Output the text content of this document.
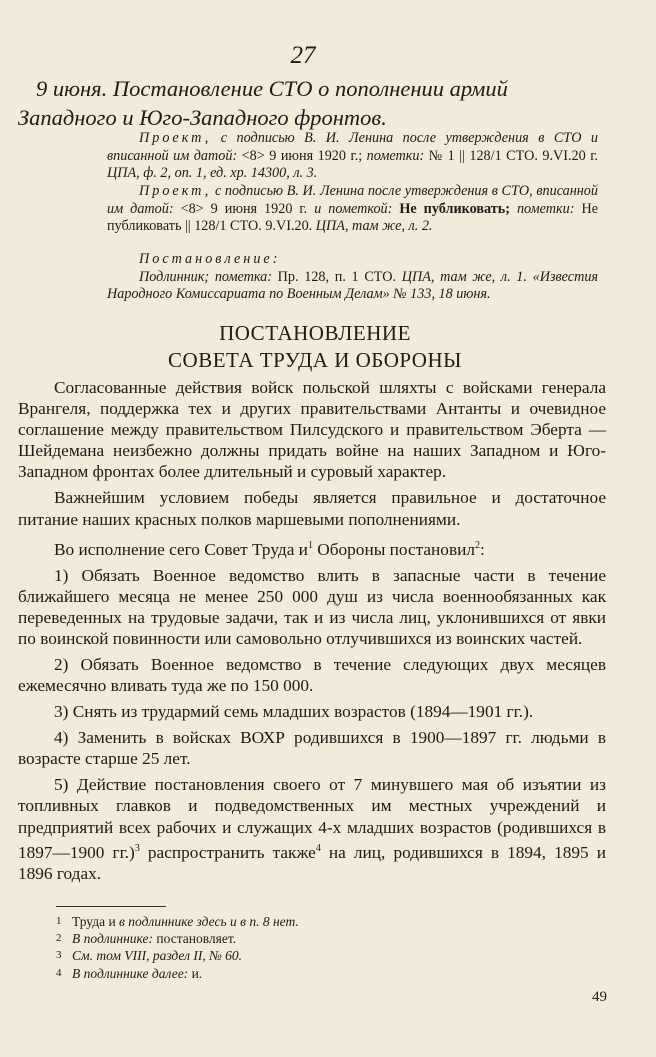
27
9 июня. Постановление СТО о пополнении армий
Западного и Юго-Западного фронтов.

Проект, с подписью В. И. Ленина после утверждения в СТО и вписанной им датой: <8> 9 июня 1920 г.; пометки: № 1 || 128/1 СТО. 9.VI.20 г. ЦПА, ф. 2, оп. 1, ед. хр. 14300, л. 3.

Проект, с подписью В. И. Ленина после утверждения в СТО, вписанной им датой: <8> 9 июня 1920 г. и пометкой: Не публиковать; пометки: Не публиковать || 128/1 СТО. 9.VI.20. ЦПА, там же, л. 2.

Постановление:

Подлинник; пометка: Пр. 128, п. 1 СТО. ЦПА, там же, л. 1. «Известия Народного Комиссариата по Военным Делам» № 133, 18 июня.

ПОСТАНОВЛЕНИЕ
СОВЕТА ТРУДА И ОБОРОНЫ

Согласованные действия войск польской шляхты с войсками генерала Врангеля, поддержка тех и других правительствами Антанты и очевидное соглашение между правительством Пилсудского и правительством Эберта — Шейдемана неизбежно должны придать войне на наших Западном и Юго-Западном фронтах более длительный и суровый характер.

Важнейшим условием победы является правильное и достаточное питание наших красных полков маршевыми пополнениями.

Во исполнение сего Совет Труда $и^1$ Обороны постановил$^2$:

1) Обязать Военное ведомство влить в запасные части в течение ближайшего месяца не менее 250 000 душ из числа военнообязанных как переведенных на трудовые задачи, так и из числа лиц, уклонившихся от явки по воинской повинности или самовольно отлучившихся из воинских частей.

2) Обязать Военное ведомство в течение следующих двух месяцев ежемесячно вливать туда же по 150 000.

3) Снять из трудармий семь младших возрастов (1894—1901 гг.).

4) Заменить в войсках ВОХР родившихся в 1900—1897 гг. людьми в возрасте старше 25 лет.

5) Действие постановления своего от 7 минувшего мая об изъятии из топливных главков и подведомственных им местных учреждений и предприятий всех рабочих и служащих 4-х младших возрастов (родившихся в 1897—1900 гг.)$^3$ распространить также$^4$ на лиц, родившихся в 1894, 1895 и 1896 годах.

1 Труда и в подлиннике здесь и в п. 8 нет.
2 В подлиннике: постановляет.
3 См. том VIII, раздел II, № 60.
4 В подлиннике далее: и.
49
